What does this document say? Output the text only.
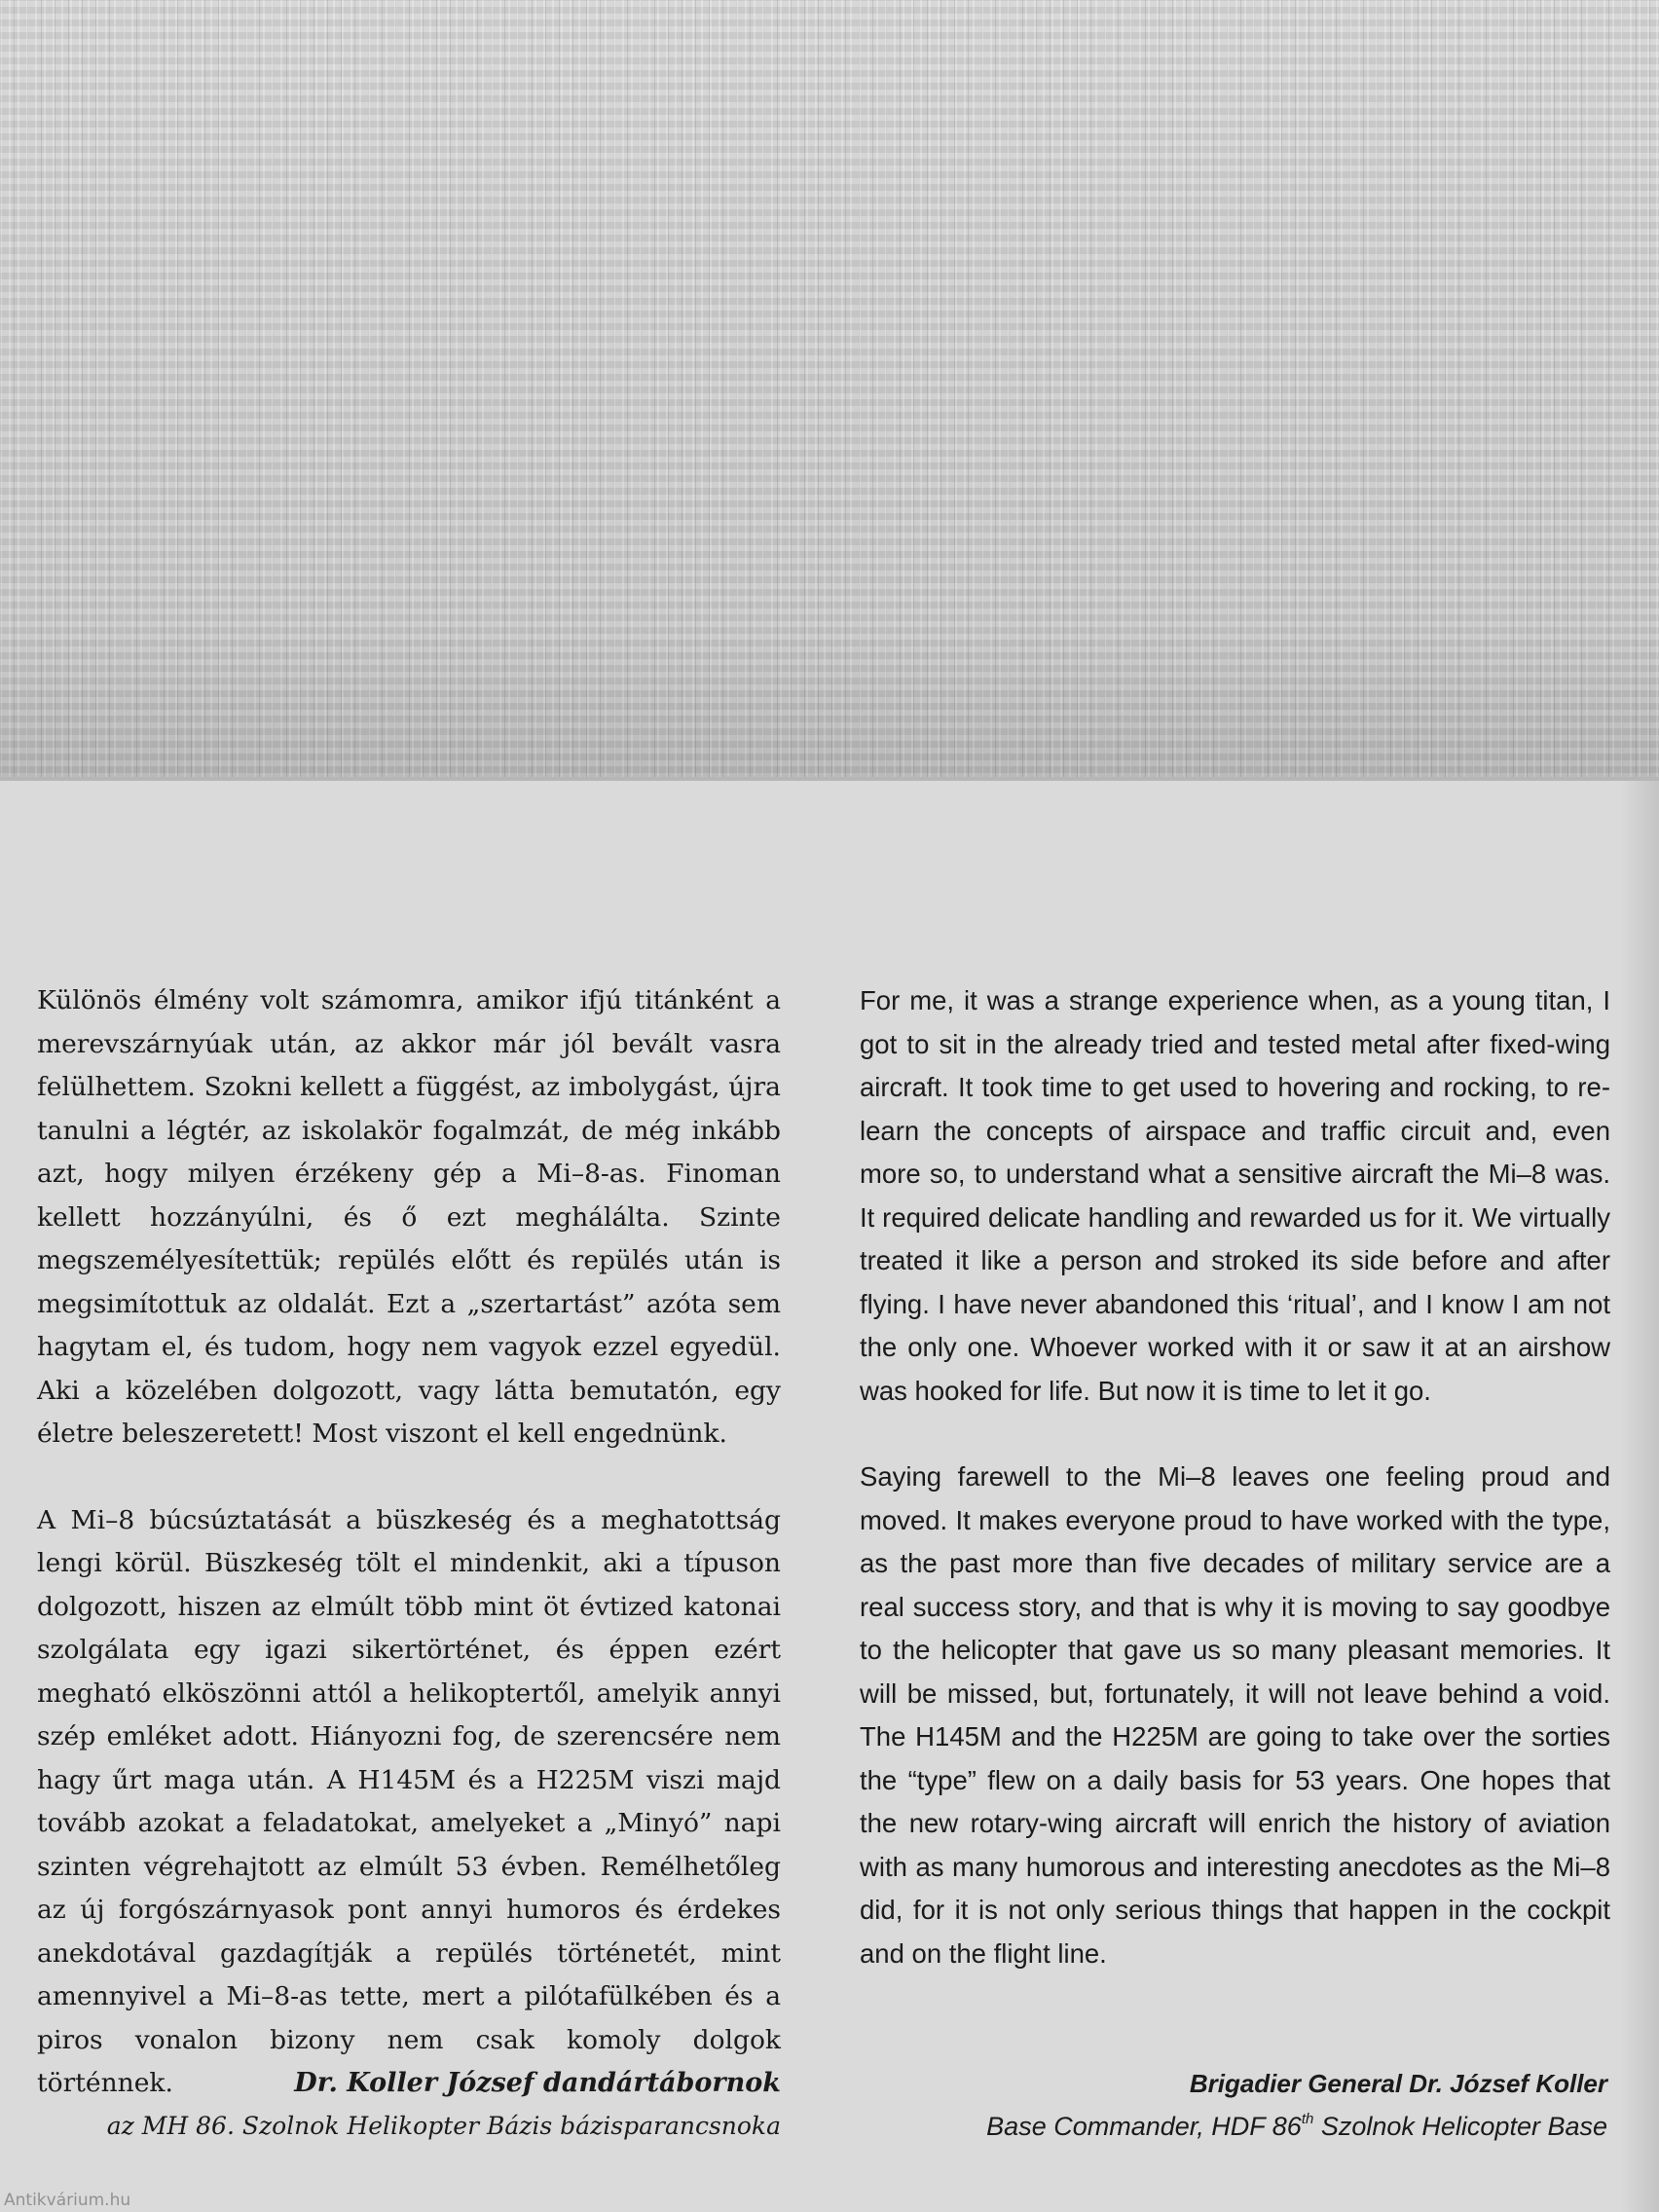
Különös élmény volt számomra, amikor ifjú titánként a merevszárnyúak után, az akkor már jól bevált vasra felülhettem. Szokni kellett a függést, az imbolygást, újra tanulni a légtér, az iskolakör fogalmzát, de még inkább azt, hogy milyen érzékeny gép a Mi–8-as. Finoman kellett hozzányúlni, és ő ezt meghálálta. Szinte megszemélyesítettük; repülés előtt és repülés után is megsimítottuk az oldalát. Ezt a „szertartást” azóta sem hagytam el, és tudom, hogy nem vagyok ezzel egyedül. Aki a közelében dolgozott, vagy látta bemutatón, egy életre beleszeretett! Most viszont el kell engednünk.

A Mi–8 búcsúztatását a büszkeség és a meghatottság lengi körül. Büszkeség tölt el mindenkit, aki a típuson dolgozott, hiszen az elmúlt több mint öt évtized katonai szolgálata egy igazi sikertörténet, és éppen ezért megható elköszönni attól a helikoptertől, amelyik annyi szép emléket adott. Hiányozni fog, de szerencsére nem hagy űrt maga után. A H145M és a H225M viszi majd tovább azokat a feladatokat, amelyeket a „Minyó” napi szinten végrehajtott az elmúlt 53 évben. Remélhetőleg az új forgószárnyasok pont annyi humoros és érdekes anekdotával gazdagítják a repülés történetét, mint amennyivel a Mi–8-as tette, mert a pilótafülkében és a piros vonalon bizony nem csak komoly dolgok történnek.

For me, it was a strange experience when, as a young titan, I got to sit in the already tried and tested metal after fixed-wing aircraft. It took time to get used to hovering and rocking, to re-learn the concepts of airspace and traffic circuit and, even more so, to understand what a sensitive aircraft the Mi–8 was. It required delicate handling and rewarded us for it. We virtually treated it like a person and stroked its side before and after flying. I have never abandoned this ‘ritual’, and I know I am not the only one. Whoever worked with it or saw it at an airshow was hooked for life. But now it is time to let it go.

Saying farewell to the Mi–8 leaves one feeling proud and moved. It makes everyone proud to have worked with the type, as the past more than five decades of military service are a real success story, and that is why it is moving to say goodbye to the helicopter that gave us so many pleasant memories. It will be missed, but, fortunately, it will not leave behind a void. The H145M and the H225M are going to take over the sorties the “type” flew on a daily basis for 53 years. One hopes that the new rotary-wing aircraft will enrich the history of aviation with as many humorous and interesting anecdotes as the Mi–8 did, for it is not only serious things that happen in the cockpit and on the flight line.

Dr. Koller József dandártábornok
az MH 86. Szolnok Helikopter Bázis bázisparancsnoka
Brigadier General Dr. József Koller
Base Commander, HDF 86th Szolnok Helicopter Base
Antikvárium.hu
